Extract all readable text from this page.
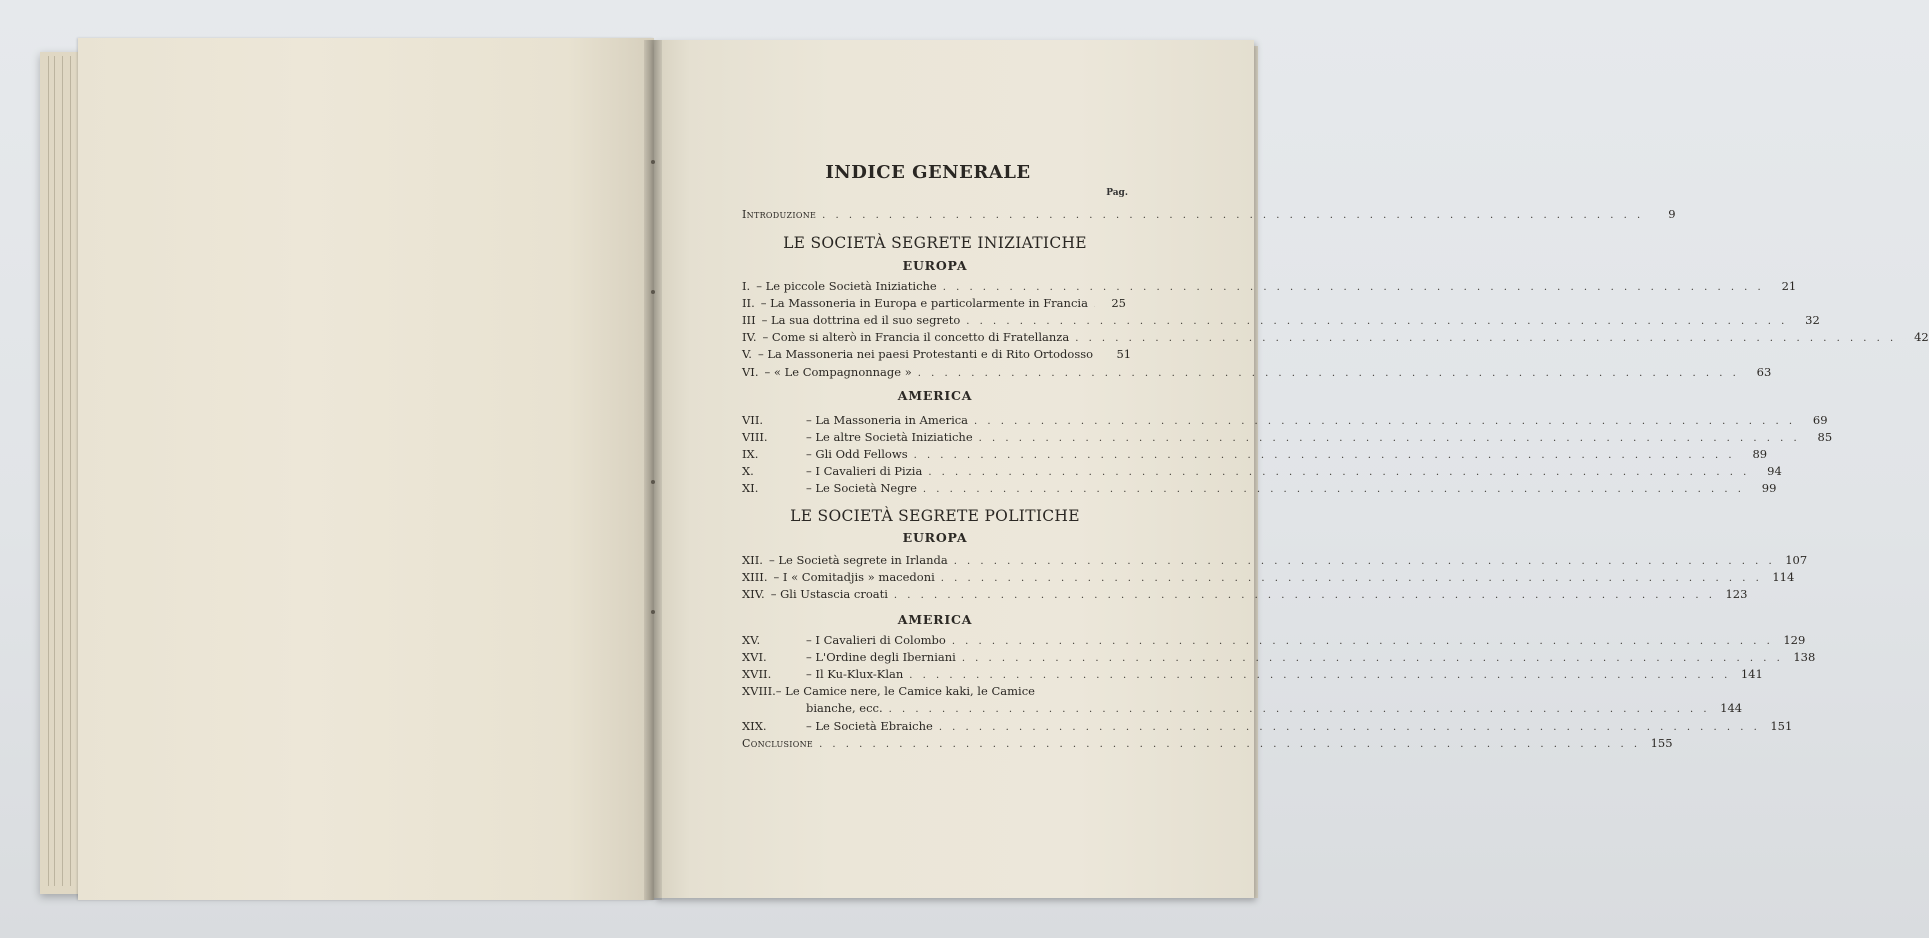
INDICE GENERALE
Pag.
Introduzione . . . . . . . . . . . . . . . . . . . . . . . . . . . . . . . . . . . . . . . . . . . . . . . . . . . . . . . . . . . . . .	9
LE SOCIETÀ SEGRETE INIZIATICHE
EUROPA
I. – Le piccole Società Iniziatiche . . . . . . . . . . . . . . . . . . . . . . . . . . . . . . . . . . . . . . . . . . . . . . . . . . . . . . . . . . . . . .	21
II. – La Massoneria in Europa e particolarmente in Francia	25
III – La sua dottrina ed il suo segreto . . . . . . . . . . . . . . . . . . . . . . . . . . . . . . . . . . . . . . . . . . . . . . . . . . . . . . . . . . . . . .	32
IV. – Come si alterò in Francia il concetto di Fratellanza . . . . . . . . . . . . . . . . . . . . . . . . . . . . . . . . . . . . . . . . . . . . . . . . . . . . . . . . . . . . . .	42
V. – La Massoneria nei paesi Protestanti e di Rito Ortodosso	51
VI. – « Le Compagnonnage » . . . . . . . . . . . . . . . . . . . . . . . . . . . . . . . . . . . . . . . . . . . . . . . . . . . . . . . . . . . . . .	63
AMERICA
VII.	– La Massoneria in America . . . . . . . . . . . . . . . . . . . . . . . . . . . . . . . . . . . . . . . . . . . . . . . . . . . . . . . . . . . . . .	69
VIII.	– Le altre Società Iniziatiche . . . . . . . . . . . . . . . . . . . . . . . . . . . . . . . . . . . . . . . . . . . . . . . . . . . . . . . . . . . . . .	85
IX.	– Gli Odd Fellows . . . . . . . . . . . . . . . . . . . . . . . . . . . . . . . . . . . . . . . . . . . . . . . . . . . . . . . . . . . . . .	89
X.	– I Cavalieri di Pizia . . . . . . . . . . . . . . . . . . . . . . . . . . . . . . . . . . . . . . . . . . . . . . . . . . . . . . . . . . . . . .	94
XI.	– Le Società Negre . . . . . . . . . . . . . . . . . . . . . . . . . . . . . . . . . . . . . . . . . . . . . . . . . . . . . . . . . . . . . .	99
LE SOCIETÀ SEGRETE POLITICHE
EUROPA
XII. – Le Società segrete in Irlanda . . . . . . . . . . . . . . . . . . . . . . . . . . . . . . . . . . . . . . . . . . . . . . . . . . . . . . . . . . . . . . 107
XIII. – I « Comitadjis » macedoni . . . . . . . . . . . . . . . . . . . . . . . . . . . . . . . . . . . . . . . . . . . . . . . . . . . . . . . . . . . . . . 114
XIV. – Gli Ustascia croati . . . . . . . . . . . . . . . . . . . . . . . . . . . . . . . . . . . . . . . . . . . . . . . . . . . . . . . . . . . . . . 123
AMERICA
XV.	– I Cavalieri di Colombo . . . . . . . . . . . . . . . . . . . . . . . . . . . . . . . . . . . . . . . . . . . . . . . . . . . . . . . . . . . . . . 129
XVI.	– L'Ordine degli Iberniani . . . . . . . . . . . . . . . . . . . . . . . . . . . . . . . . . . . . . . . . . . . . . . . . . . . . . . . . . . . . . . 138
XVII.	– Il Ku-Klux-Klan . . . . . . . . . . . . . . . . . . . . . . . . . . . . . . . . . . . . . . . . . . . . . . . . . . . . . . . . . . . . . . 141
XVIII.– Le Camice nere, le Camice kaki, le Camice
bianche, ecc. . . . . . . . . . . . . . . . . . . . . . . . . . . . . . . . . . . . . . . . . . . . . . . . . . . . . . . . . . . . . . . 144
XIX.	– Le Società Ebraiche . . . . . . . . . . . . . . . . . . . . . . . . . . . . . . . . . . . . . . . . . . . . . . . . . . . . . . . . . . . . . . 151
Conclusione . . . . . . . . . . . . . . . . . . . . . . . . . . . . . . . . . . . . . . . . . . . . . . . . . . . . . . . . . . . . . . 155
